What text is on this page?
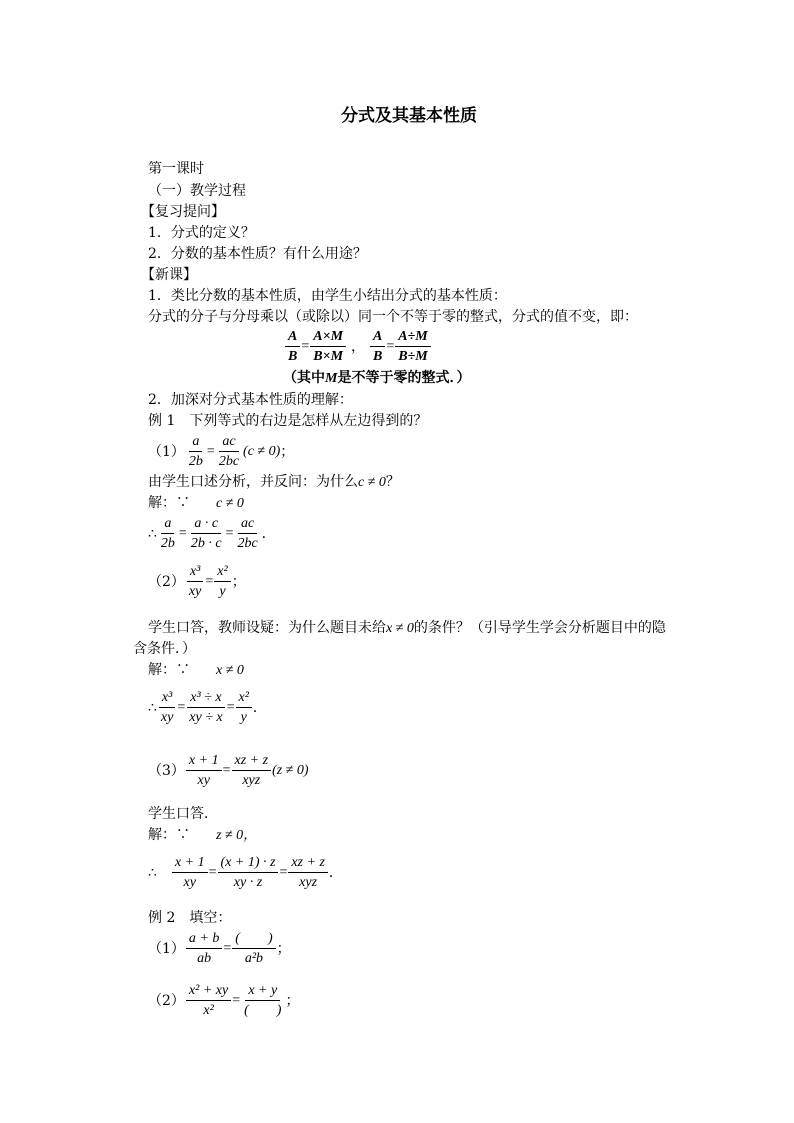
分式及其基本性质
第一课时
（一）教学过程
【复习提问】
1．分式的定义？
2．分数的基本性质？有什么用途？
【新课】
1．类比分数的基本性质，由学生小结出分式的基本性质：
分式的分子与分母乘以（或除以）同一个不等于零的整式，分式的值不变，即：
$\frac{A}{B} = \frac{A\times M}{B\times M}$ ， $\frac{A}{B} = \frac{A\div M}{B\div M}$
（其中M是不等于零的整式．）
2．加深对分式基本性质的理解：
例 1　下列等式的右边是怎样从左边得到的？
$(1) \frac{a}{2b} = \frac{ac}{2bc} (c \ne 0)$ ；
由学生口述分析，并反问：为什么c ≠ 0？
解：∵ c ≠ 0
∴ $\frac{a}{2b} = \frac{a \cdot c}{2b \cdot c} = \frac{ac}{2bc}$ ．
$(2) \frac{\text{x³}}{xy} = \frac{\text{x²}}{y}$ ；
学生口答，教师设疑：为什么题目未给x ≠ 0的条件？（引导学生学会分析题目中的隐
含条件．）
解：∵ x ≠ 0
∴ $\frac{\text{x³}}{xy} = \frac{\text{x³ ÷ x}}{xy \div x} = \frac{\text{x²}}{y}$ ．
$(3) \frac{x + 1}{xy} = \frac{xz + z}{\text{xyz}} (z \ne 0)$
学生口答．
解：∵ z ≠ 0，
∴ $\frac{x + 1}{xy} = \frac{(x + 1) \cdot z}{xy \cdot z} = \frac{xz + z}{\text{xyz}}$ ．
例 2　填空：
$(1) \frac{a + b}{ab} = \frac{( )}{\text{a²b}}$ ；
$(2) \frac{\text{x² + xy}}{\text{x²}} = \frac{x + y}{( )}$ ；
